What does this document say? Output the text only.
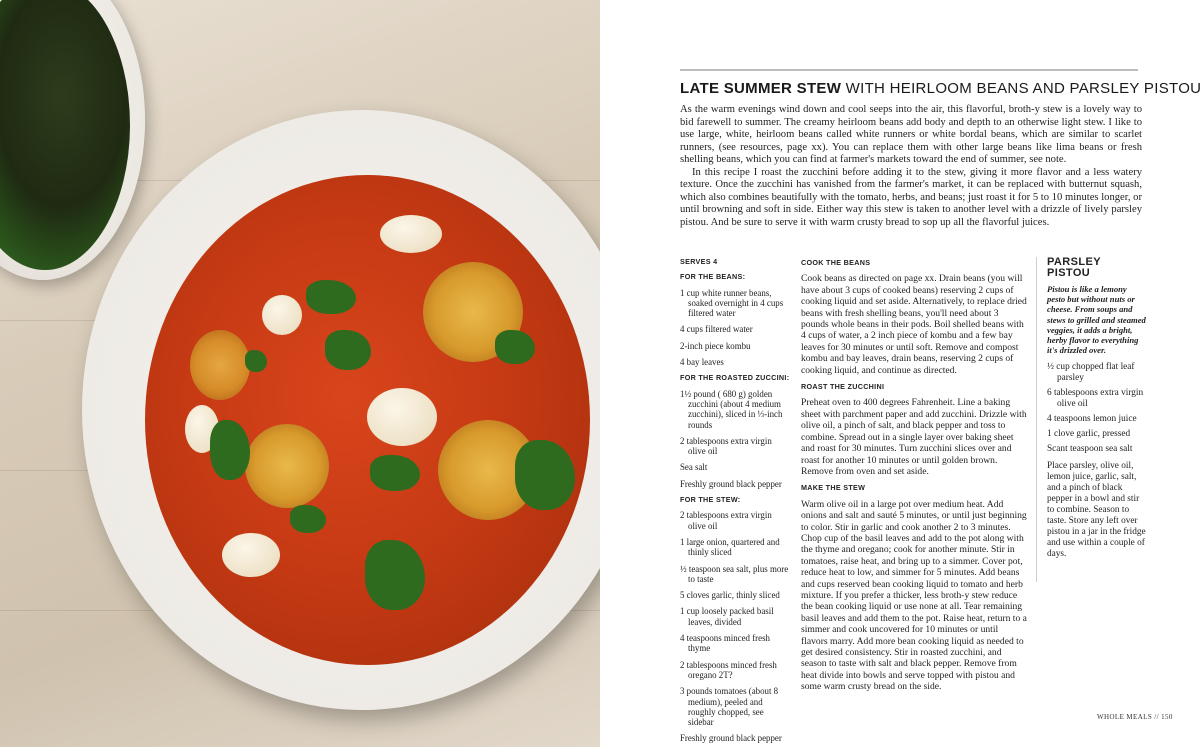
LATE SUMMER STEW WITH HEIRLOOM BEANS AND PARSLEY PISTOU

As the warm evenings wind down and cool seeps into the air, this flavorful, broth-y stew is a lovely way to bid farewell to summer. The creamy heirloom beans add body and depth to an otherwise light stew. I like to use large, white, heirloom beans called white runners or white bordal beans, which are similar to scarlet runners, (see resources, page xx). You can replace them with other large beans like lima beans or fresh shelling beans, which you can find at farmer's markets toward the end of summer, see note.

In this recipe I roast the zucchini before adding it to the stew, giving it more flavor and a less watery texture. Once the zucchini has vanished from the farmer's market, it can be replaced with butternut squash, which also combines beautifully with the tomato, herbs, and beans; just roast it for 5 to 10 minutes longer, or until browning and soft in side. Either way this stew is taken to another level with a drizzle of lively parsley pistou. And be sure to serve it with warm crusty bread to sop up all the flavorful juices.

SERVES 4
FOR THE BEANS:
1 cup white runner beans, soaked overnight in 4 cups filtered water
4 cups filtered water
2-inch piece kombu
4 bay leaves
FOR THE ROASTED ZUCCINI:
1½ pound ( 680 g) golden zucchini (about 4 medium zucchini), sliced in ⅓-inch rounds
2 tablespoons extra virgin olive oil
Sea salt
Freshly ground black pepper
FOR THE STEW:
2 tablespoons extra virgin olive oil
1 large onion, quartered and thinly sliced
½ teaspoon sea salt, plus more to taste
5 cloves garlic, thinly sliced
1 cup loosely packed basil leaves, divided
4 teaspoons minced fresh thyme
2 tablespoons minced fresh oregano 2T?
3 pounds tomatoes (about 8 medium), peeled and roughly chopped, see sidebar
Freshly ground black pepper
COOK THE BEANS

Cook beans as directed on page xx. Drain beans (you will have about 3 cups of cooked beans) reserving 2 cups of cooking liquid and set aside. Alternatively, to replace dried beans with fresh shelling beans, you'll need about 3 pounds whole beans in their pods. Boil shelled beans with 4 cups of water, a 2 inch piece of kombu and a few bay leaves for 30 minutes or until soft. Remove and compost kombu and bay leaves, drain beans, reserving 2 cups of cooking liquid, and continue as directed.

ROAST THE ZUCCHINI

Preheat oven to 400 degrees Fahrenheit. Line a baking sheet with parchment paper and add zucchini. Drizzle with olive oil, a pinch of salt, and black pepper and toss to combine. Spread out in a single layer over baking sheet and roast for 30 minutes. Turn zucchini slices over and roast for another 10 minutes or until golden brown. Remove from oven and set aside.

MAKE THE STEW

Warm olive oil in a large pot over medium heat. Add onions and salt and sauté 5 minutes, or until just beginning to color. Stir in garlic and cook another 2 to 3 minutes. Chop cup of the basil leaves and add to the pot along with the thyme and oregano; cook for another minute. Stir in tomatoes, raise heat, and bring up to a simmer. Cover pot, reduce heat to low, and simmer for 5 minutes. Add beans and cups reserved bean cooking liquid to tomato and herb mixture. If you prefer a thicker, less broth-y stew reduce the bean cooking liquid or use none at all. Tear remaining basil leaves and add them to the pot. Raise heat, return to a simmer and cook uncovered for 10 minutes or until flavors marry. Add more bean cooking liquid as needed to get desired consistency. Stir in roasted zucchini, and season to taste with salt and black pepper. Remove from heat divide into bowls and serve topped with pistou and some warm crusty bread on the side.

PARSLEY PISTOU
Pistou is like a lemony pesto but without nuts or cheese. From soups and stews to grilled and steamed veggies, it adds a bright, herby flavor to everything it's drizzled over.
½ cup chopped flat leaf parsley
6 tablespoons extra virgin olive oil
4 teaspoons lemon juice
1 clove garlic, pressed
Scant teaspoon sea salt
Place parsley, olive oil, lemon juice, garlic, salt, and a pinch of black pepper in a bowl and stir to combine. Season to taste. Store any left over pistou in a jar in the fridge and use within a couple of days.
WHOLE MEALS // 150
